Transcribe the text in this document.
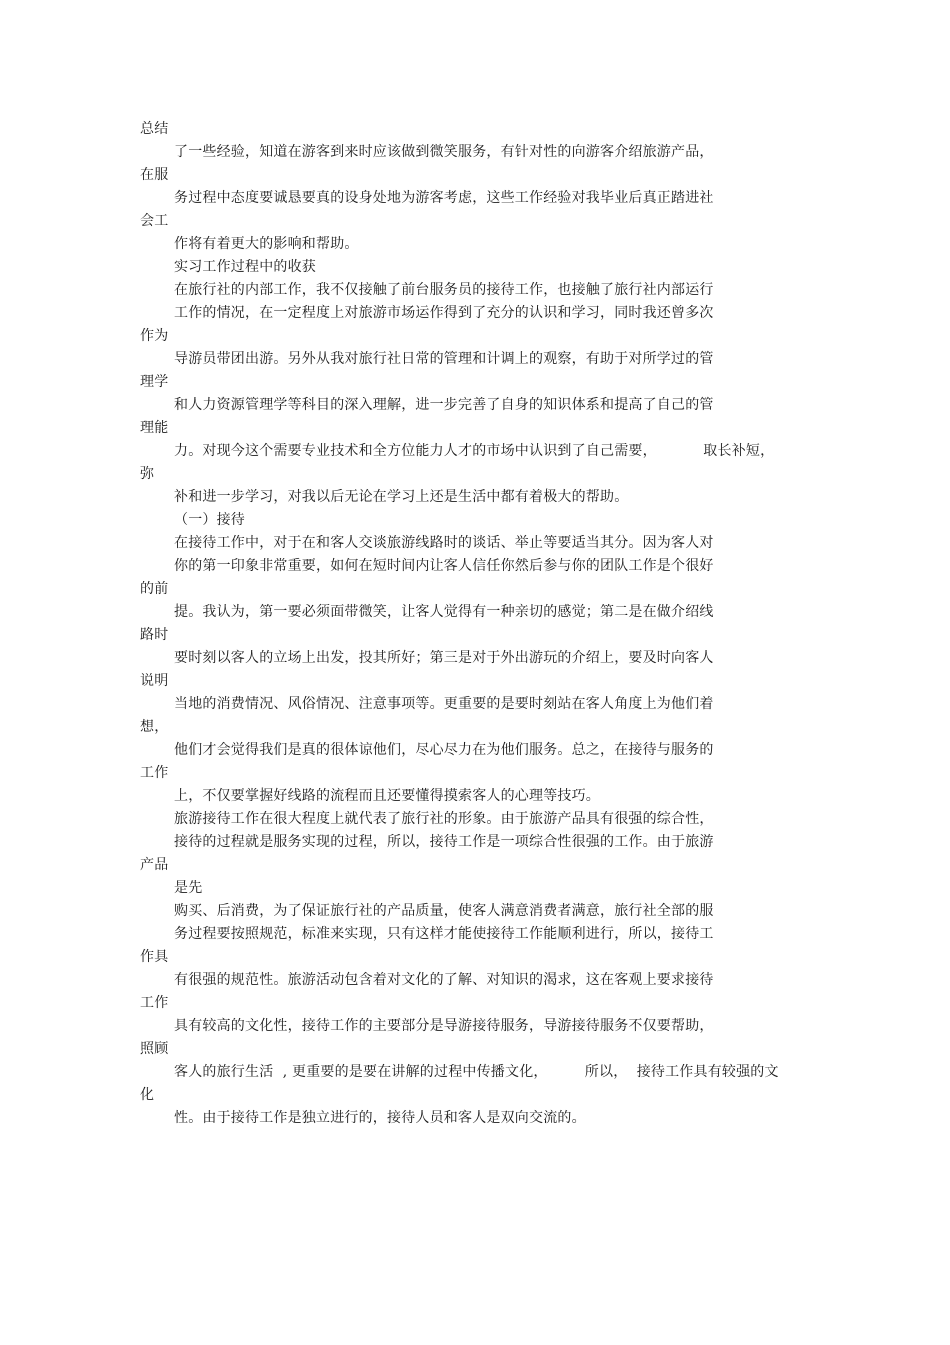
总结
了一些经验，知道在游客到来时应该做到微笑服务，有针对性的向游客介绍旅游产品，
在服
务过程中态度要诚恳要真的设身处地为游客考虑，这些工作经验对我毕业后真正踏进社
会工
作将有着更大的影响和帮助。
实习工作过程中的收获
在旅行社的内部工作，我不仅接触了前台服务员的接待工作，也接触了旅行社内部运行
工作的情况，在一定程度上对旅游市场运作得到了充分的认识和学习，同时我还曾多次
作为
导游员带团出游。另外从我对旅行社日常的管理和计调上的观察，有助于对所学过的管
理学
和人力资源管理学等科目的深入理解，进一步完善了自身的知识体系和提高了自己的管
理能
力。对现今这个需要专业技术和全方位能力人才的市场中认识到了自己需要，          取长补短，
弥
补和进一步学习，对我以后无论在学习上还是生活中都有着极大的帮助。
（一）接待
在接待工作中，对于在和客人交谈旅游线路时的谈话、举止等要适当其分。因为客人对
你的第一印象非常重要，如何在短时间内让客人信任你然后参与你的团队工作是个很好
的前
提。我认为，第一要必须面带微笑，让客人觉得有一种亲切的感觉；第二是在做介绍线
路时
要时刻以客人的立场上出发，投其所好；第三是对于外出游玩的介绍上，要及时向客人
说明
当地的消费情况、风俗情况、注意事项等。更重要的是要时刻站在客人角度上为他们着
想，
他们才会觉得我们是真的很体谅他们，尽心尽力在为他们服务。总之，在接待与服务的
工作
上，不仅要掌握好线路的流程而且还要懂得摸索客人的心理等技巧。
旅游接待工作在很大程度上就代表了旅行社的形象。由于旅游产品具有很强的综合性，
接待的过程就是服务实现的过程，所以，接待工作是一项综合性很强的工作。由于旅游
产品
是先
购买、后消费，为了保证旅行社的产品质量，使客人满意消费者满意，旅行社全部的服
务过程要按照规范，标准来实现，只有这样才能使接待工作能顺利进行，所以，接待工
作具
有很强的规范性。旅游活动包含着对文化的了解、对知识的渴求，这在客观上要求接待
工作
具有较高的文化性，接待工作的主要部分是导游接待服务，导游接待服务不仅要帮助，
照顾
客人的旅行生活  , 更重要的是要在讲解的过程中传播文化，        所以，  接待工作具有较强的文
化
性。由于接待工作是独立进行的，接待人员和客人是双向交流的。
